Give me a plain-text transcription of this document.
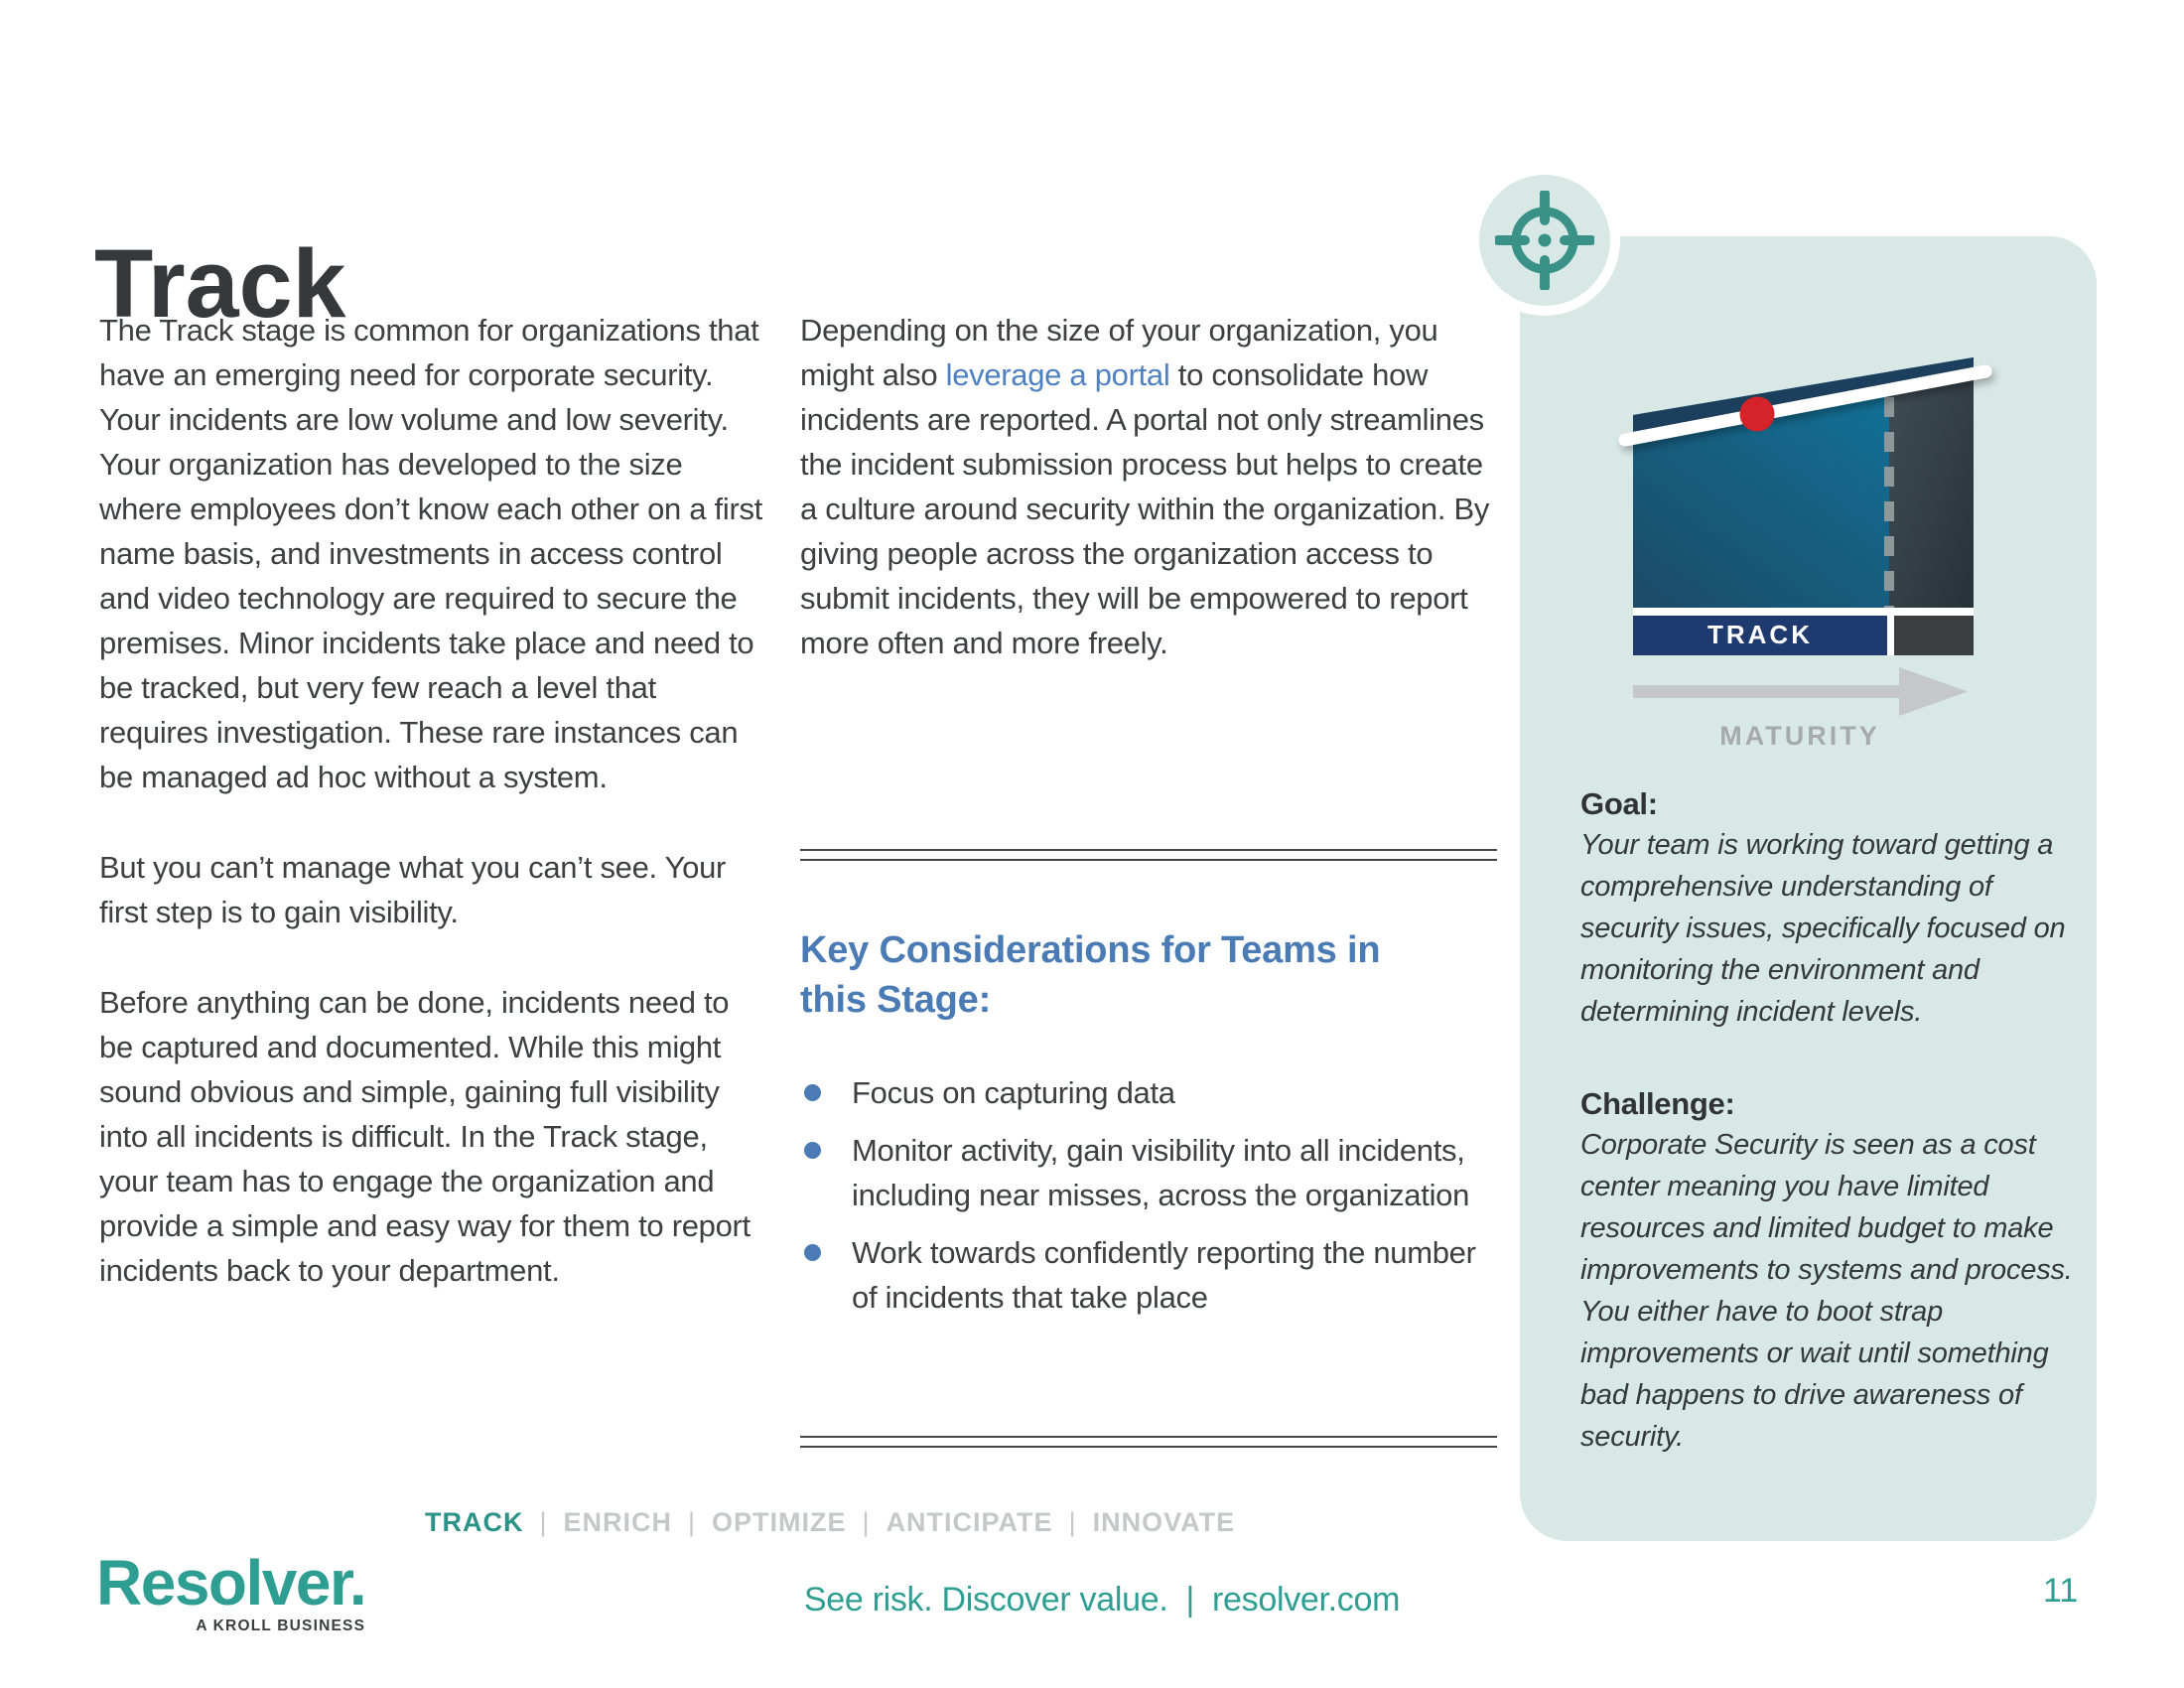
Track

The Track stage is common for organizations that have an emerging need for corporate security. Your incidents are low volume and low severity. Your organization has developed to the size where employees don’t know each other on a first name basis, and investments in access control and video technology are required to secure the premises. Minor incidents take place and need to be tracked, but very few reach a level that requires investigation. These rare instances can be managed ad hoc without a system.

But you can’t manage what you can’t see. Your first step is to gain visibility.

Before anything can be done, incidents need to be captured and documented. While this might sound obvious and simple, gaining full visibility into all incidents is difficult. In the Track stage, your team has to engage the organization and provide a simple and easy way for them to report incidents back to your department.

Depending on the size of your organization, you might also leverage a portal to consolidate how incidents are reported. A portal not only streamlines the incident submission process but helps to create a culture around security within the organization. By giving people across the organization access to submit incidents, they will be empowered to report more often and more freely.

Key Considerations for Teams in this Stage:
Focus on capturing data
Monitor activity, gain visibility into all incidents, including near misses, across the organization
Work towards confidently reporting the number of incidents that take place
TRACK
MATURITY
Goal:

Your team is working toward getting a comprehensive understanding of security issues, specifically focused on monitoring the environment and determining incident levels.

Challenge:

Corporate Security is seen as a cost center meaning you have limited resources and limited budget to make improvements to systems and process. You either have to boot strap improvements or wait until something bad happens to drive awareness of security.

TRACK | ENRICH | OPTIMIZE | ANTICIPATE | INNOVATE
Resolver.
A KROLL BUSINESS
See risk. Discover value. | resolver.com	11
